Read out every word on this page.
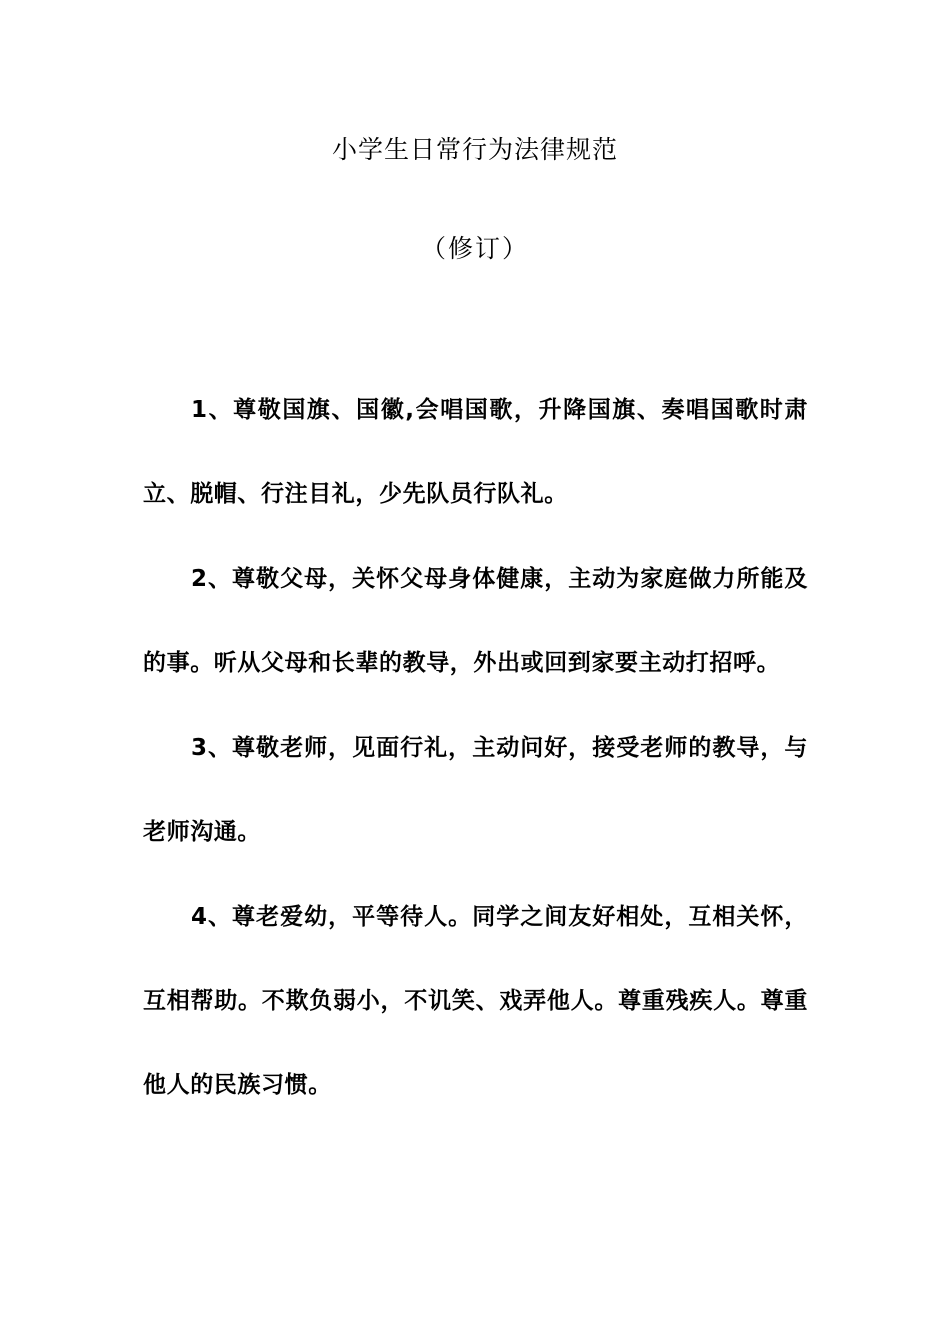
小学生日常行为法律规范
（修订）

1、尊敬国旗、国徽,会唱国歌，升降国旗、奏唱国歌时肃立、脱帽、行注目礼，少先队员行队礼。

2、尊敬父母，关怀父母身体健康，主动为家庭做力所能及的事。听从父母和长辈的教导，外出或回到家要主动打招呼。

3、尊敬老师，见面行礼，主动问好，接受老师的教导，与老师沟通。

4、尊老爱幼，平等待人。同学之间友好相处，互相关怀，互相帮助。不欺负弱小，不讥笑、戏弄他人。尊重残疾人。尊重他人的民族习惯。
